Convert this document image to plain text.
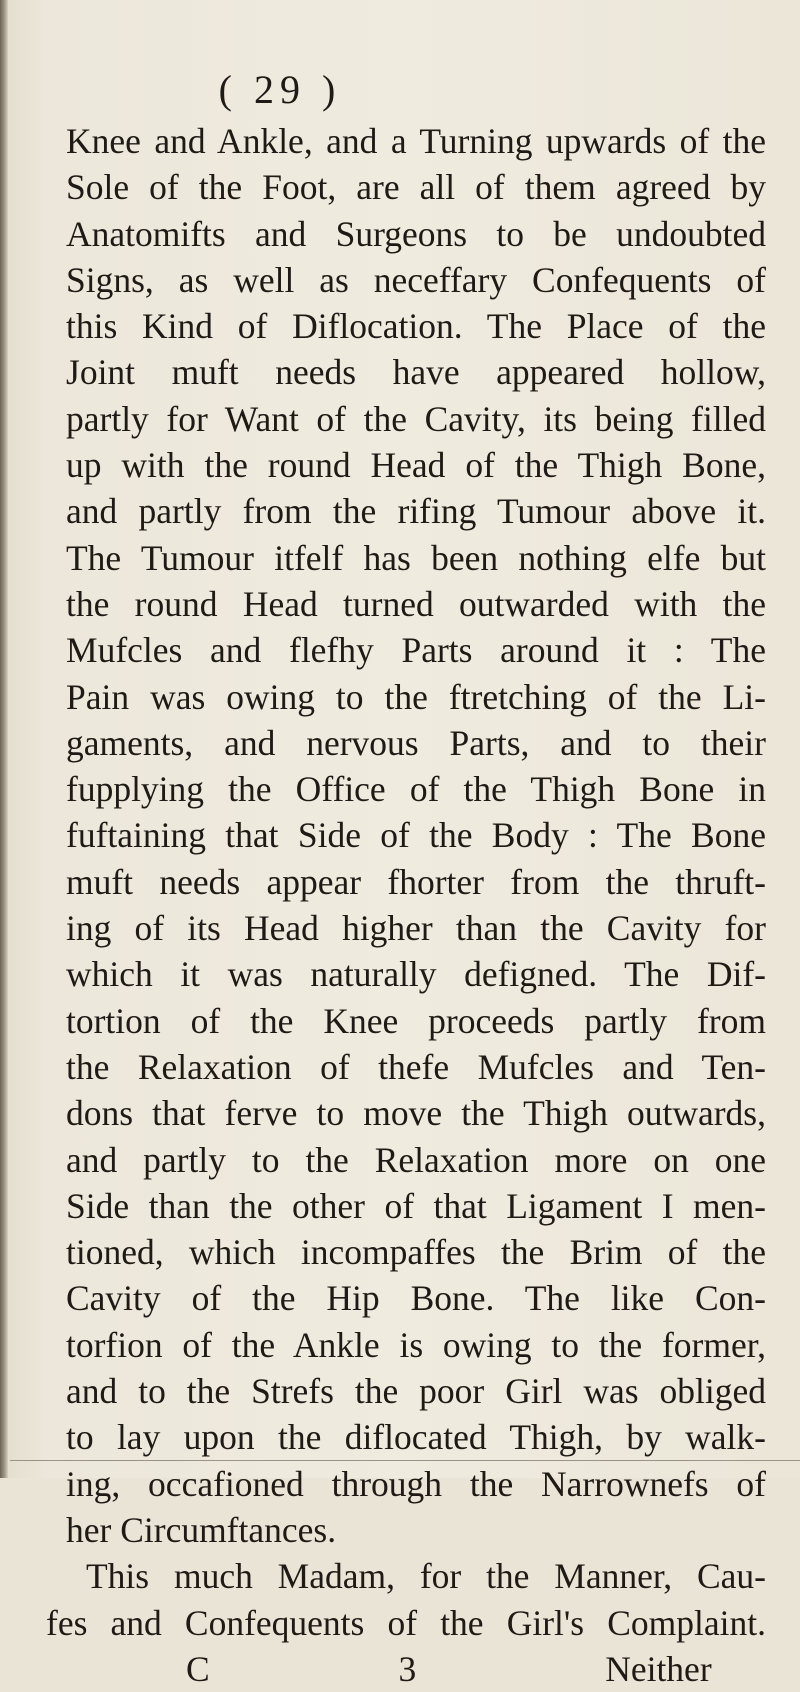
( 29 )
Knee and Ankle, and a Turning upwards of the
Sole of the Foot, are all of them agreed by
Anatomifts and Surgeons to be undoubted
Signs, as well as neceffary Confequents of
this Kind of Diflocation. The Place of the
Joint muft needs have appeared hollow,
partly for Want of the Cavity, its being filled
up with the round Head of the Thigh Bone,
and partly from the rifing Tumour above it.
The Tumour itfelf has been nothing elfe but
the round Head turned outwarded with the
Mufcles and flefhy Parts around it : The
Pain was owing to the ftretching of the Li-
gaments, and nervous Parts, and to their
fupplying the Office of the Thigh Bone in
fuftaining that Side of the Body : The Bone
muft needs appear fhorter from the thruft-
ing of its Head higher than the Cavity for
which it was naturally defigned. The Dif-
tortion of the Knee proceeds partly from
the Relaxation of thefe Mufcles and Ten-
dons that ferve to move the Thigh outwards,
and partly to the Relaxation more on one
Side than the other of that Ligament I men-
tioned, which incompaffes the Brim of the
Cavity of the Hip Bone. The like Con-
torfion of the Ankle is owing to the former,
and to the Strefs the poor Girl was obliged
to lay upon the diflocated Thigh, by walk-
ing, occafioned through the Narrownefs of
her Circumftances.
This much Madam, for the Manner, Cau-
fes and Confequents of the Girl's Complaint.
C 3	Neither
